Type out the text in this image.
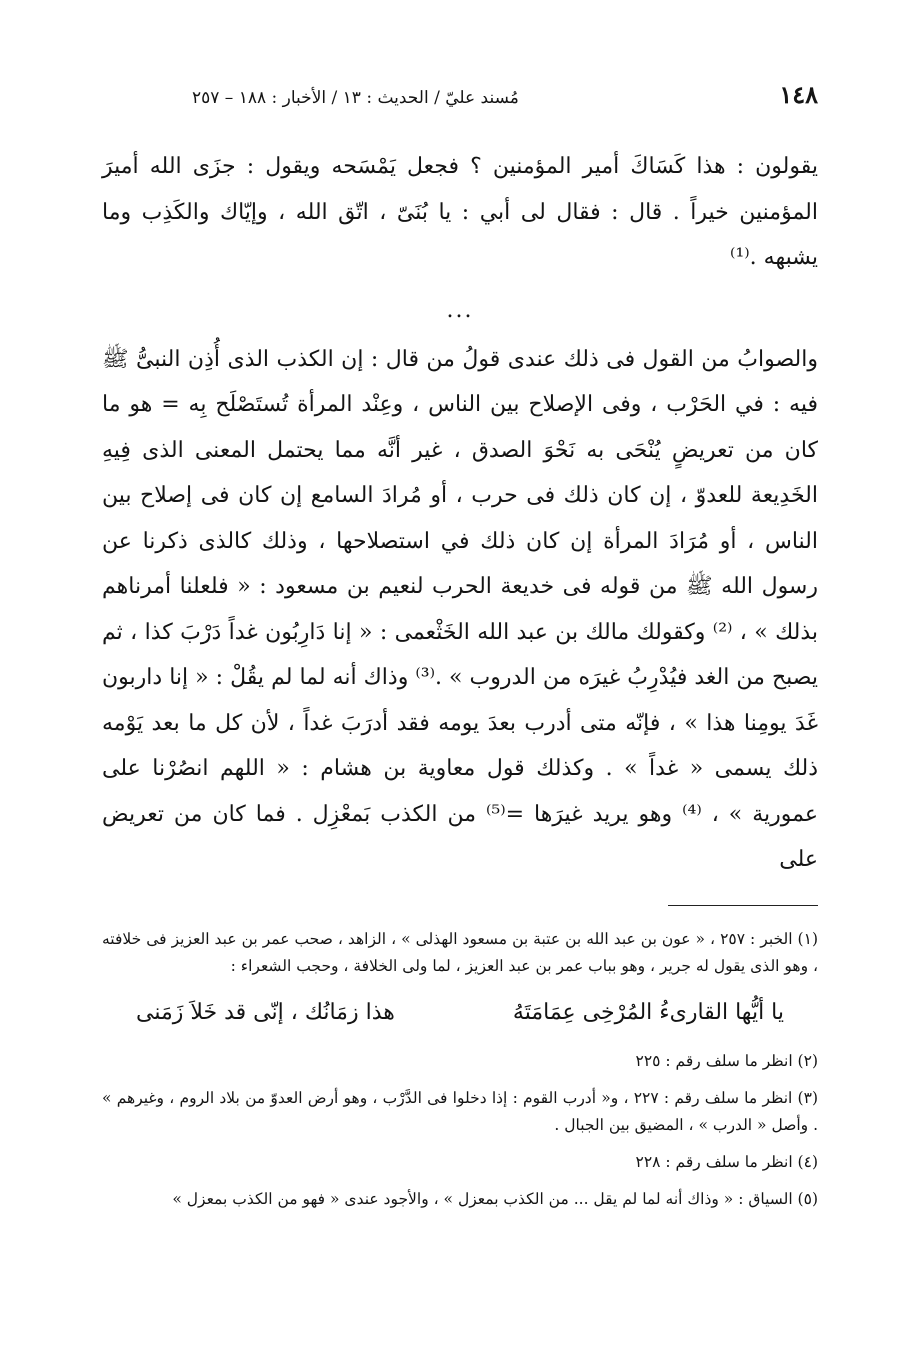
١٤٨
مُسند عليّ / الحديث : ١٣ / الأخبار : ١٨٨ – ٢٥٧

يقولون : هذا كَسَاكَ أمير المؤمنين ؟ فجعل يَمْسَحه ويقول : جزَى الله أميرَ المؤمنين خيراً . قال : فقال لى أبي : يا بُنَىّ ، اتّق الله ، وإيّاك والكَذِب وما يشبهه .⁽¹⁾

...

والصوابُ من القول فى ذلك عندى قولُ من قال : إن الكذب الذى أُذِن النبىُّ ﷺ فيه : في الحَرْب ، وفى الإصلاح بين الناس ، وعِنْد المرأة تُستَصْلَح بِه = هو ما كان من تعريضٍ يُنْحَى به نَحْوَ الصدق ، غير أنَّه مما يحتمل المعنى الذى فِيهِ الخَدِيعة للعدوّ ، إن كان ذلك فى حرب ، أو مُرادَ السامع إن كان فى إصلاح بين الناس ، أو مُرَادَ المرأة إن كان ذلك في استصلاحها ، وذلك كالذى ذكرنا عن رسول الله ﷺ من قوله فى خديعة الحرب لنعيم بن مسعود : « فلعلنا أمرناهم بذلك » ، ⁽²⁾ وكقولك مالك بن عبد الله الخَثْعمى : « إنا دَارِبُون غداً دَرْبَ كذا ، ثم يصبح من الغد فيُدْرِبُ غيرَه من الدروب » .⁽³⁾ وذاك أنه لما لم يقُلْ : « إنا داربون غَدَ يومِنا هذا » ، فإنّه متى أدرب بعدَ يومه فقد أدرَبَ غداً ، لأن كل ما بعد يَوْمه ذلك يسمى « غداً » . وكذلك قول معاوية بن هشام : « اللهم انصُرْنا على عمورية » ، ⁽⁴⁾ وهو يريد غيرَها =⁽⁵⁾ من الكذب بَمعْزِل . فما كان من تعريض على

(١) الخبر : ٢٥٧ ، « عون بن عبد الله بن عتبة بن مسعود الهذلى » ، الزاهد ، صحب عمر بن عبد العزيز فى خلافته ، وهو الذى يقول له جرير ، وهو بباب عمر بن عبد العزيز ، لما ولى الخلافة ، وحجب الشعراء :

يا أيُّها القارىءُ المُرْخِى عِمَامَتَهُ
هذا زمَانُك ، إنّى قد خَلاَ زَمَنى

(٢) انظر ما سلف رقم : ٢٢٥

(٣) انظر ما سلف رقم : ٢٢٧ ، و« أدرب القوم : إذا دخلوا فى الدَّرْب ، وهو أرض العدوّ من بلاد الروم ، وغيرهم » . وأصل « الدرب » ، المضيق بين الجبال .

(٤) انظر ما سلف رقم : ٢٢٨

(٥) السياق : « وذاك أنه لما لم يقل ... من الكذب بمعزل » ، والأجود عندى « فهو من الكذب بمعزل »
